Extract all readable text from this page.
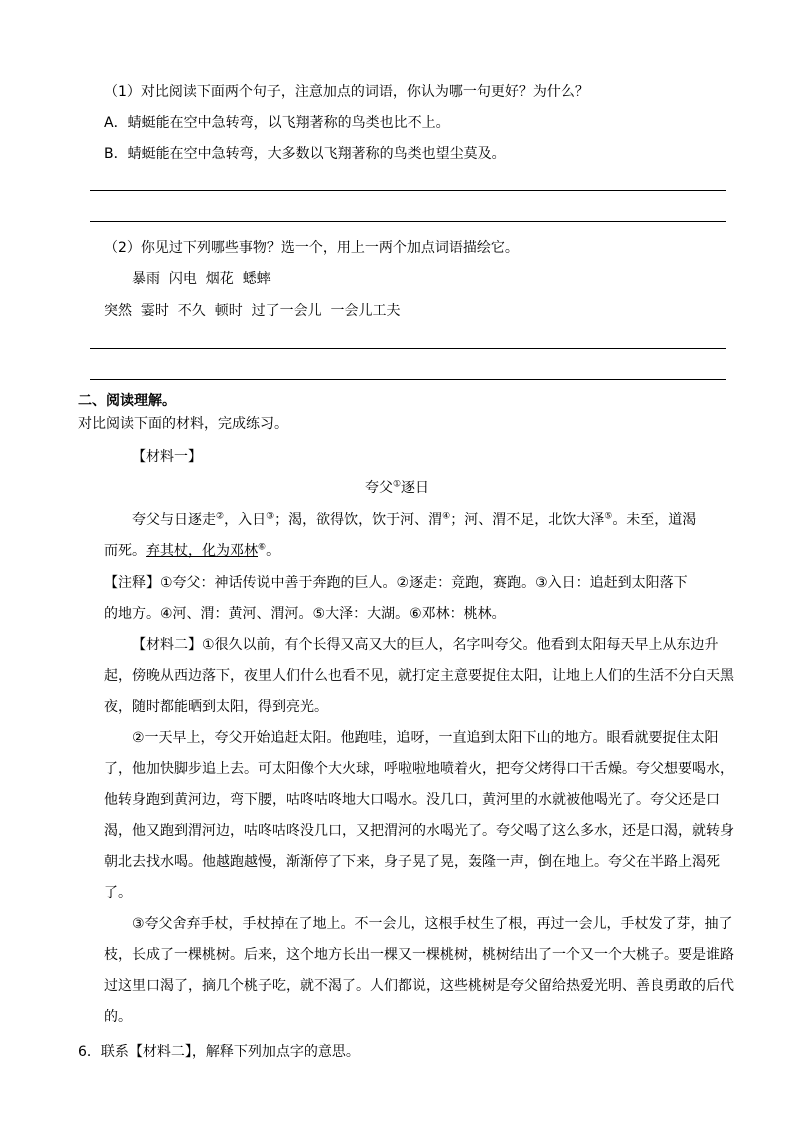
（1）对比阅读下面两个句子，注意加点的词语，你认为哪一句更好？为什么？
A．蜻蜓能在空中急转弯，以飞翔著称的鸟类也比不上。
B．蜻蜓能在空中急转弯，大多数以飞翔著称的鸟类也望尘莫及。
（2）你见过下列哪些事物？选一个，用上一两个加点词语描绘它。
暴雨  闪电  烟花  蟋蟀
突然  霎时  不久  顿时  过了一会儿  一会儿工夫
二、阅读理解。
对比阅读下面的材料，完成练习。
【材料一】
夸父①逐日
夸父与日逐走②，入日③；渴，欲得饮，饮于河、渭④；河、渭不足，北饮大泽⑤。未至，道渴
而死。弃其杖，化为邓林⑥。
【注释】①夸父：神话传说中善于奔跑的巨人。②逐走：竞跑，赛跑。③入日：追赶到太阳落下
的地方。④河、渭：黄河、渭河。⑤大泽：大湖。⑥邓林：桃林。
【材料二】①很久以前，有个长得又高又大的巨人，名字叫夸父。他看到太阳每天早上从东边升起，傍晚从西边落下，夜里人们什么也看不见，就打定主意要捉住太阳，让地上人们的生活不分白天黑夜，随时都能晒到太阳，得到亮光。
②一天早上，夸父开始追赶太阳。他跑哇，追呀，一直追到太阳下山的地方。眼看就要捉住太阳了，他加快脚步追上去。可太阳像个大火球，呼啦啦地喷着火，把夸父烤得口干舌燥。夸父想要喝水，他转身跑到黄河边，弯下腰，咕咚咕咚地大口喝水。没几口，黄河里的水就被他喝光了。夸父还是口渴，他又跑到渭河边，咕咚咕咚没几口，又把渭河的水喝光了。夸父喝了这么多水，还是口渴，就转身朝北去找水喝。他越跑越慢，渐渐停了下来，身子晃了晃，轰隆一声，倒在地上。夸父在半路上渴死了。
③夸父舍弃手杖，手杖掉在了地上。不一会儿，这根手杖生了根，再过一会儿，手杖发了芽，抽了枝，长成了一棵桃树。后来，这个地方长出一棵又一棵桃树，桃树结出了一个又一个大桃子。要是谁路过这里口渴了，摘几个桃子吃，就不渴了。人们都说，这些桃树是夸父留给热爱光明、善良勇敢的后代的。
6．联系【材料二】，解释下列加点字的意思。
